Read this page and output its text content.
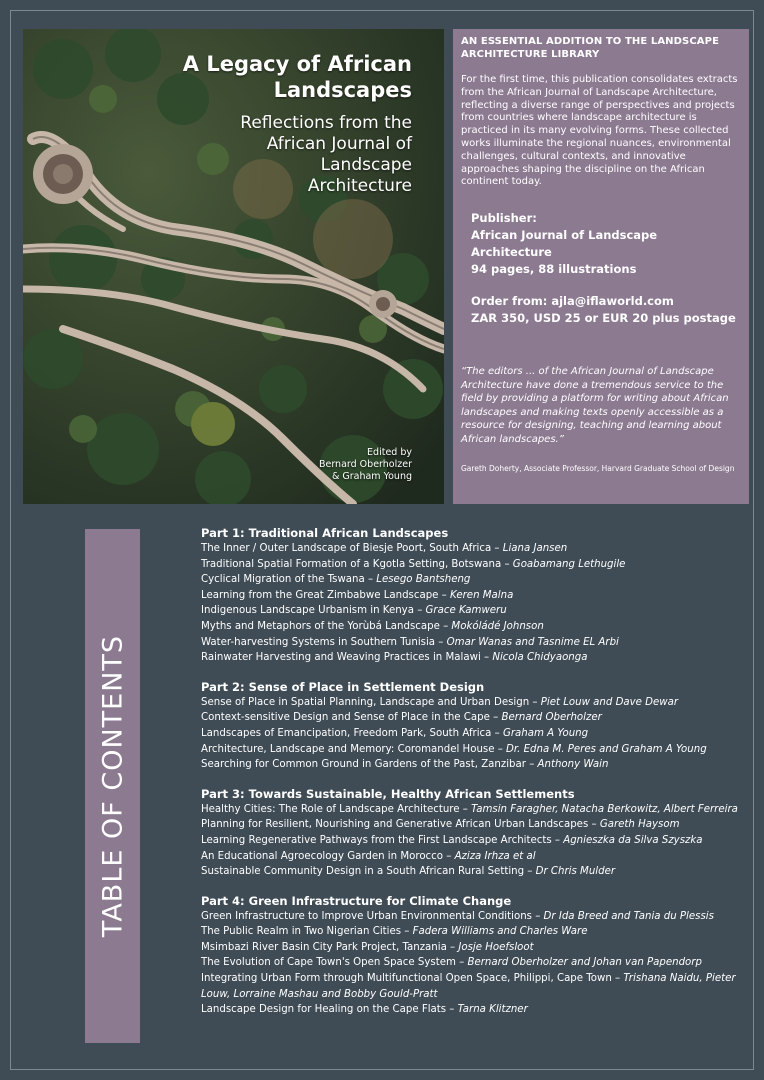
A Legacy of African
Landscapes
Reflections from the
African Journal of
Landscape
Architecture
Edited by
Bernard Oberholzer
& Graham Young
AN ESSENTIAL ADDITION TO THE LANDSCAPE
ARCHITECTURE LIBRARY
For the first time, this publication consolidates extracts from the African Journal of Landscape Architecture, reflecting a diverse range of perspectives and projects from countries where landscape architecture is practiced in its many evolving forms. These collected works illuminate the regional nuances, environmental challenges, cultural contexts, and innovative approaches shaping the discipline on the African continent today.
Publisher:
African Journal of Landscape Architecture
94 pages, 88 illustrations
Order from: ajla@iflaworld.com
ZAR 350, USD 25 or EUR 20 plus postage
“The editors ... of the African Journal of Landscape Architecture have done a tremendous service to the field by providing a platform for writing about African landscapes and making texts openly accessible as a resource for designing, teaching and learning about African landscapes.”
Gareth Doherty, Associate Professor, Harvard Graduate School of Design
TABLE OF CONTENTS
Part 1: Traditional African Landscapes
The Inner / Outer Landscape of Biesje Poort, South Africa – Liana Jansen
Traditional Spatial Formation of a Kgotla Setting, Botswana – Goabamang Lethugile
Cyclical Migration of the Tswana – Lesego Bantsheng
Learning from the Great Zimbabwe Landscape – Keren Malna
Indigenous Landscape Urbanism in Kenya – Grace Kamweru
Myths and Metaphors of the Yorùbá Landscape – Mokóládé Johnson
Water-harvesting Systems in Southern Tunisia – Omar Wanas and Tasnime EL Arbi
Rainwater Harvesting and Weaving Practices in Malawi – Nicola Chidyaonga
Part 2: Sense of Place in Settlement Design
Sense of Place in Spatial Planning, Landscape and Urban Design – Piet Louw and Dave Dewar
Context-sensitive Design and Sense of Place in the Cape – Bernard Oberholzer
Landscapes of Emancipation, Freedom Park, South Africa – Graham A Young
Architecture, Landscape and Memory: Coromandel House – Dr. Edna M. Peres and Graham A Young
Searching for Common Ground in Gardens of the Past, Zanzibar – Anthony Wain
Part 3: Towards Sustainable, Healthy African Settlements
Healthy Cities: The Role of Landscape Architecture – Tamsin Faragher, Natacha Berkowitz, Albert Ferreira
Planning for Resilient, Nourishing and Generative African Urban Landscapes – Gareth Haysom
Learning Regenerative Pathways from the First Landscape Architects – Agnieszka da Silva Szyszka
An Educational Agroecology Garden in Morocco – Aziza Irhza et al
Sustainable Community Design in a South African Rural Setting – Dr Chris Mulder
Part 4: Green Infrastructure for Climate Change
Green Infrastructure to Improve Urban Environmental Conditions – Dr Ida Breed and Tania du Plessis
The Public Realm in Two Nigerian Cities – Fadera Williams and Charles Ware
Msimbazi River Basin City Park Project, Tanzania – Josje Hoefsloot
The Evolution of Cape Town's Open Space System – Bernard Oberholzer and Johan van Papendorp
Integrating Urban Form through Multifunctional Open Space, Philippi, Cape Town – Trishana Naidu, Pieter Louw, Lorraine Mashau and Bobby Gould-Pratt
Landscape Design for Healing on the Cape Flats – Tarna Klitzner
